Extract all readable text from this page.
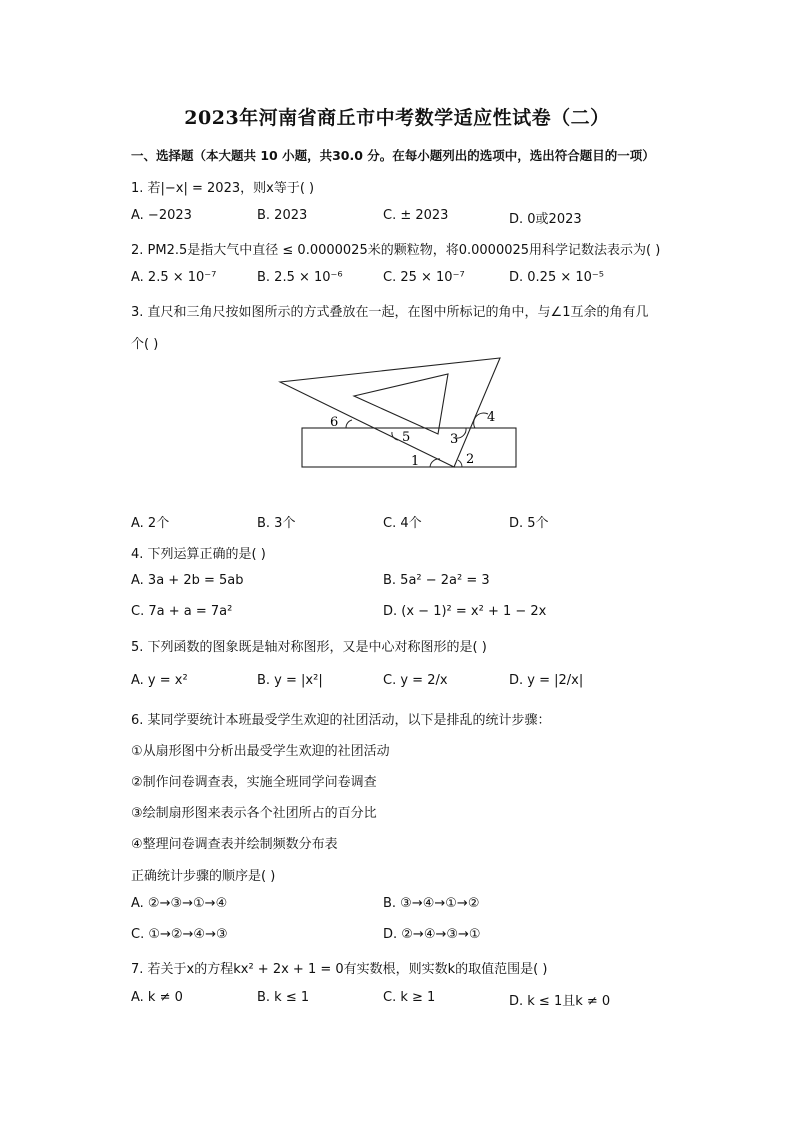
2023年河南省商丘市中考数学适应性试卷（二）
一、选择题（本大题共 10 小题，共30.0 分。在每小题列出的选项中，选出符合题目的一项）
1. 若|−x| = 2023，则x等于( )
A. −2023	B. 2023	C. ± 2023	D. 0或2023
2. PM2.5是指大气中直径 ≤ 0.0000025米的颗粒物，将0.0000025用科学记数法表示为( )
A. 2.5 × 10⁻⁷	B. 2.5 × 10⁻⁶	C. 25 × 10⁻⁷	D. 0.25 × 10⁻⁵
3. 直尺和三角尺按如图所示的方式叠放在一起，在图中所标记的角中，与∠1互余的角有几
个( )
6
5
4
3
1	2
A. 2个	B. 3个	C. 4个	D. 5个
4. 下列运算正确的是( )
A. 3a + 2b = 5ab	B. 5a² − 2a² = 3
C. 7a + a = 7a²	D. (x − 1)² = x² + 1 − 2x
5. 下列函数的图象既是轴对称图形，又是中心对称图形的是( )
A. y = x²	B. y = |x²|	C. y = 2/x	D. y = |2/x|
6. 某同学要统计本班最受学生欢迎的社团活动，以下是排乱的统计步骤：
①从扇形图中分析出最受学生欢迎的社团活动
②制作问卷调查表，实施全班同学问卷调查
③绘制扇形图来表示各个社团所占的百分比
④整理问卷调查表并绘制频数分布表
正确统计步骤的顺序是( )
A. ②→③→①→④	B. ③→④→①→②
C. ①→②→④→③	D. ②→④→③→①
7. 若关于x的方程kx² + 2x + 1 = 0有实数根，则实数k的取值范围是( )
A. k ≠ 0	B. k ≤ 1	C. k ≥ 1	D. k ≤ 1且k ≠ 0
